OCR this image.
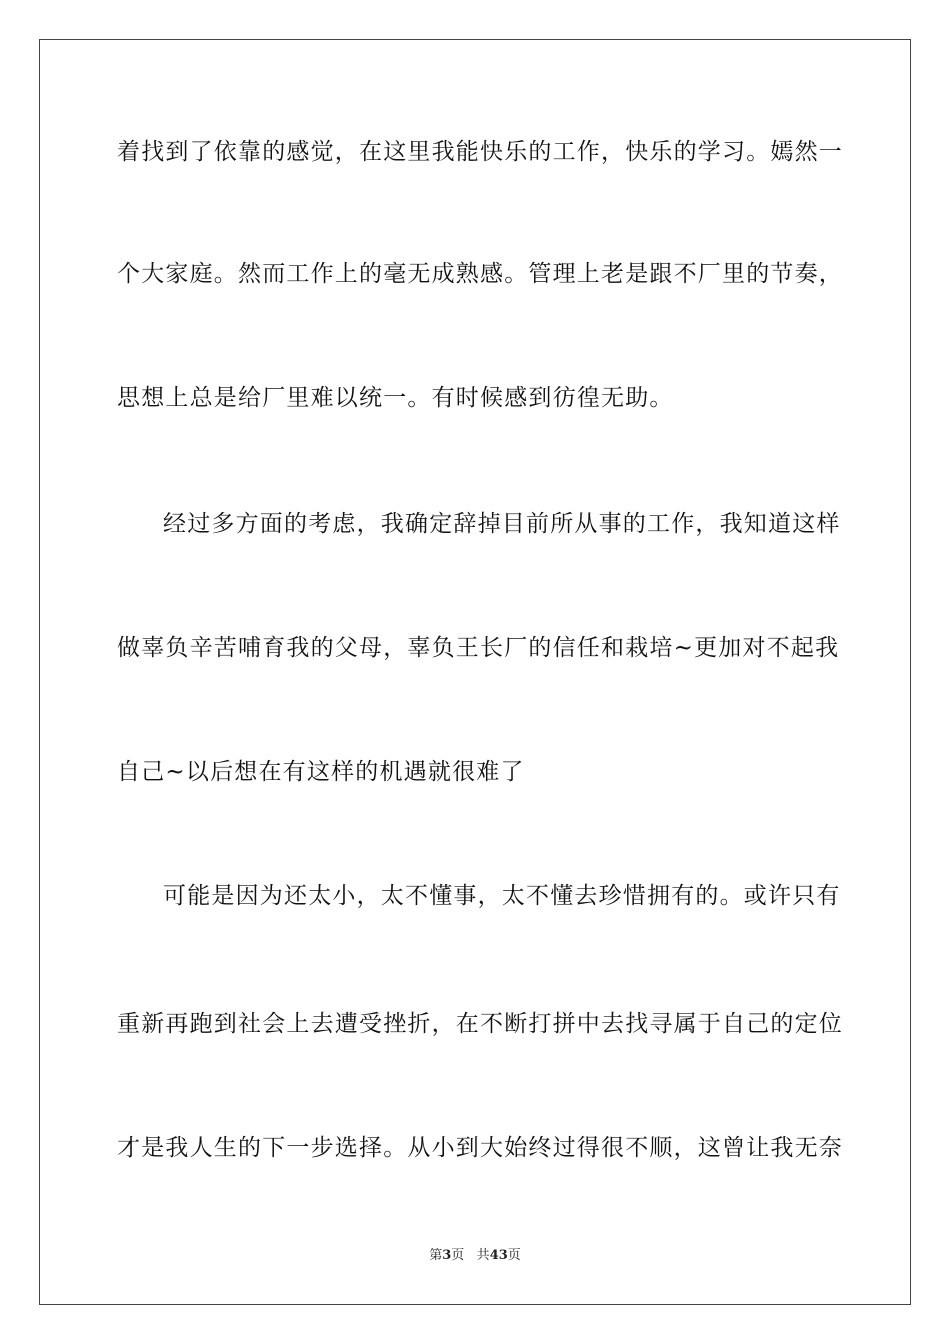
着找到了依靠的感觉，在这里我能快乐的工作，快乐的学习。嫣然一
个大家庭。然而工作上的毫无成熟感。管理上老是跟不厂里的节奏，
思想上总是给厂里难以统一。有时候感到彷徨无助。
经过多方面的考虑，我确定辞掉目前所从事的工作，我知道这样
做辜负辛苦哺育我的父母，辜负王长厂的信任和栽培~更加对不起我
自己~以后想在有这样的机遇就很难了
可能是因为还太小，太不懂事，太不懂去珍惜拥有的。或许只有
重新再跑到社会上去遭受挫折，在不断打拼中去找寻属于自己的定位
才是我人生的下一步选择。从小到大始终过得很不顺，这曾让我无奈
第3页 共43页
